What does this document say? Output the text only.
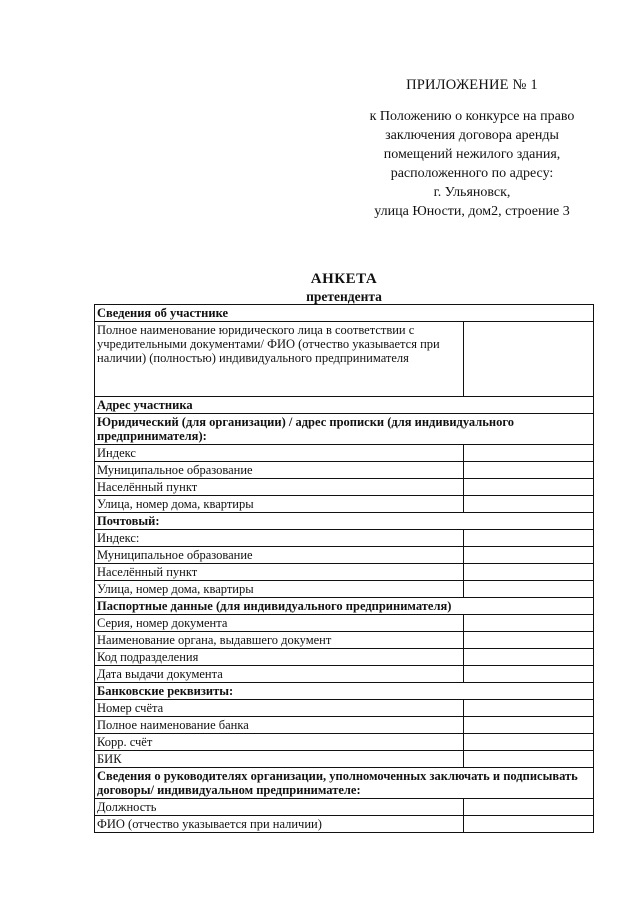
ПРИЛОЖЕНИЕ № 1
к Положению о конкурсе на право
заключения договора аренды
помещений нежилого здания,
расположенного по адресу:
г. Ульяновск,
улица Юности, дом2, строение 3
АНКЕТА
претендента
Сведения об участнике	
Полное наименование юридического лица в соответствии с учредительными документами/ ФИО (отчество указывается при наличии) (полностью) индивидуального предпринимателя	
Адрес участника	
Юридический (для организации) / адрес прописки (для индивидуального предпринимателя):	
Индекс	
Муниципальное образование	
Населённый пункт	
Улица, номер дома, квартиры	
Почтовый:	
Индекс:	
Муниципальное образование	
Населённый пункт	
Улица, номер дома, квартиры	
Паспортные данные (для индивидуального предпринимателя)	
Серия, номер документа	
Наименование органа, выдавшего документ	
Код подразделения	
Дата выдачи документа	
Банковские реквизиты:	
Номер счёта	
Полное наименование банка	
Корр. счёт	
БИК	
Сведения о руководителях организации, уполномоченных заключать и подписывать договоры/ индивидуальном предпринимателе:	
Должность	
ФИО (отчество указывается при наличии)	
